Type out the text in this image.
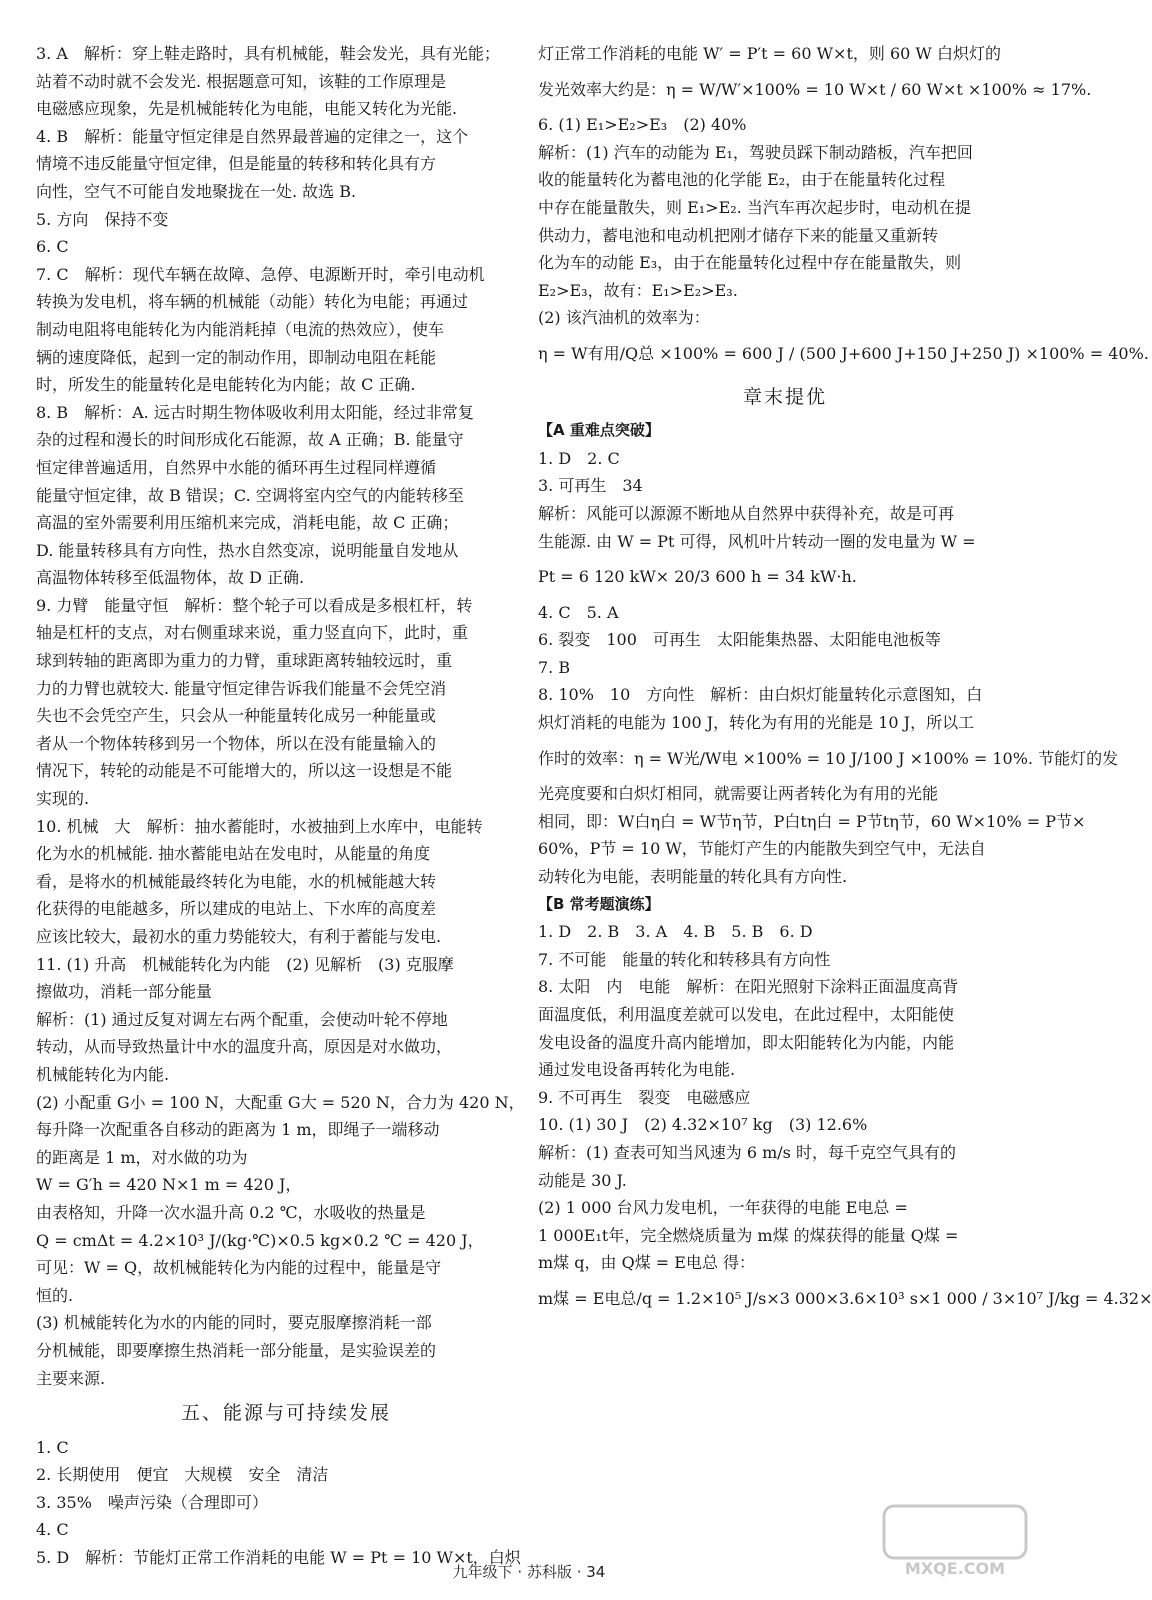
3. A　解析：穿上鞋走路时，具有机械能，鞋会发光，具有光能；
站着不动时就不会发光. 根据题意可知，该鞋的工作原理是
电磁感应现象，先是机械能转化为电能，电能又转化为光能.
4. B　解析：能量守恒定律是自然界最普遍的定律之一，这个
情境不违反能量守恒定律，但是能量的转移和转化具有方
向性，空气不可能自发地聚拢在一处. 故选 B.
5. 方向　保持不变
6. C
7. C　解析：现代车辆在故障、急停、电源断开时，牵引电动机
转换为发电机，将车辆的机械能（动能）转化为电能；再通过
制动电阻将电能转化为内能消耗掉（电流的热效应），使车
辆的速度降低，起到一定的制动作用，即制动电阻在耗能
时，所发生的能量转化是电能转化为内能；故 C 正确.
8. B　解析：A. 远古时期生物体吸收利用太阳能，经过非常复
杂的过程和漫长的时间形成化石能源，故 A 正确；B. 能量守
恒定律普遍适用，自然界中水能的循环再生过程同样遵循
能量守恒定律，故 B 错误；C. 空调将室内空气的内能转移至
高温的室外需要利用压缩机来完成，消耗电能，故 C 正确；
D. 能量转移具有方向性，热水自然变凉，说明能量自发地从
高温物体转移至低温物体，故 D 正确.
9. 力臂　能量守恒　解析：整个轮子可以看成是多根杠杆，转
轴是杠杆的支点，对右侧重球来说，重力竖直向下，此时，重
球到转轴的距离即为重力的力臂，重球距离转轴较远时，重
力的力臂也就较大. 能量守恒定律告诉我们能量不会凭空消
失也不会凭空产生，只会从一种能量转化成另一种能量或
者从一个物体转移到另一个物体，所以在没有能量输入的
情况下，转轮的动能是不可能增大的，所以这一设想是不能
实现的.
10. 机械　大　解析：抽水蓄能时，水被抽到上水库中，电能转
化为水的机械能. 抽水蓄能电站在发电时，从能量的角度
看，是将水的机械能最终转化为电能，水的机械能越大转
化获得的电能越多，所以建成的电站上、下水库的高度差
应该比较大，最初水的重力势能较大，有利于蓄能与发电.
11. (1) 升高　机械能转化为内能　(2) 见解析　(3) 克服摩
擦做功，消耗一部分能量
解析：(1) 通过反复对调左右两个配重，会使动叶轮不停地
转动，从而导致热量计中水的温度升高，原因是对水做功，
机械能转化为内能.
(2) 小配重 G小 = 100 N，大配重 G大 = 520 N，合力为 420 N，
每升降一次配重各自移动的距离为 1 m，即绳子一端移动
的距离是 1 m，对水做的功为
W = G′h = 420 N×1 m = 420 J，
由表格知，升降一次水温升高 0.2 ℃，水吸收的热量是
Q = cmΔt = 4.2×10³ J/(kg·℃)×0.5 kg×0.2 ℃ = 420 J，
可见：W = Q，故机械能转化为内能的过程中，能量是守
恒的.
(3) 机械能转化为水的内能的同时，要克服摩擦消耗一部
分机械能，即要摩擦生热消耗一部分能量，是实验误差的
主要来源.
五、能源与可持续发展
1. C
2. 长期使用　便宜　大规模　安全　清洁
3. 35%　噪声污染（合理即可）
4. C
5. D　解析：节能灯正常工作消耗的电能 W = Pt = 10 W×t，白炽
灯正常工作消耗的电能 W′ = P′t = 60 W×t，则 60 W 白炽灯的
发光效率大约是：η = W/W′×100% = 10 W×t / 60 W×t ×100% ≈ 17%.
6. (1) E₁>E₂>E₃　(2) 40%
解析：(1) 汽车的动能为 E₁，驾驶员踩下制动踏板，汽车把回
收的能量转化为蓄电池的化学能 E₂，由于在能量转化过程
中存在能量散失，则 E₁>E₂. 当汽车再次起步时，电动机在提
供动力，蓄电池和电动机把刚才储存下来的能量又重新转
化为车的动能 E₃，由于在能量转化过程中存在能量散失，则
E₂>E₃，故有：E₁>E₂>E₃.
(2) 该汽油机的效率为：
η = W有用/Q总 ×100% = 600 J / (500 J+600 J+150 J+250 J) ×100% = 40%.
章末提优
【A 重难点突破】
1. D　2. C
3. 可再生　34
解析：风能可以源源不断地从自然界中获得补充，故是可再
生能源. 由 W = Pt 可得，风机叶片转动一圈的发电量为 W =
Pt = 6 120 kW× 20/3 600 h = 34 kW·h.
4. C　5. A
6. 裂变　100　可再生　太阳能集热器、太阳能电池板等
7. B
8. 10%　10　方向性　解析：由白炽灯能量转化示意图知，白
炽灯消耗的电能为 100 J，转化为有用的光能是 10 J，所以工
作时的效率：η = W光/W电 ×100% = 10 J/100 J ×100% = 10%. 节能灯的发
光亮度要和白炽灯相同，就需要让两者转化为有用的光能
相同，即：W白η白 = W节η节，P白tη白 = P节tη节，60 W×10% = P节×
60%，P节 = 10 W，节能灯产生的内能散失到空气中，无法自
动转化为电能，表明能量的转化具有方向性.
【B 常考题演练】
1. D　2. B　3. A　4. B　5. B　6. D
7. 不可能　能量的转化和转移具有方向性
8. 太阳　内　电能　解析：在阳光照射下涂料正面温度高背
面温度低，利用温度差就可以发电，在此过程中，太阳能使
发电设备的温度升高内能增加，即太阳能转化为内能，内能
通过发电设备再转化为电能.
9. 不可再生　裂变　电磁感应
10. (1) 30 J　(2) 4.32×10⁷ kg　(3) 12.6%
解析：(1) 查表可知当风速为 6 m/s 时，每千克空气具有的
动能是 30 J.
(2) 1 000 台风力发电机，一年获得的电能 E电总 =
1 000E₁t年，完全燃烧质量为 m煤 的煤获得的能量 Q煤 =
m煤 q，由 Q煤 = E电总 得：
m煤 = E电总/q = 1.2×10⁵ J/s×3 000×3.6×10³ s×1 000 / 3×10⁷ J/kg = 4.32×
九年级下 · 苏科版 · 34	MXQE.COM
